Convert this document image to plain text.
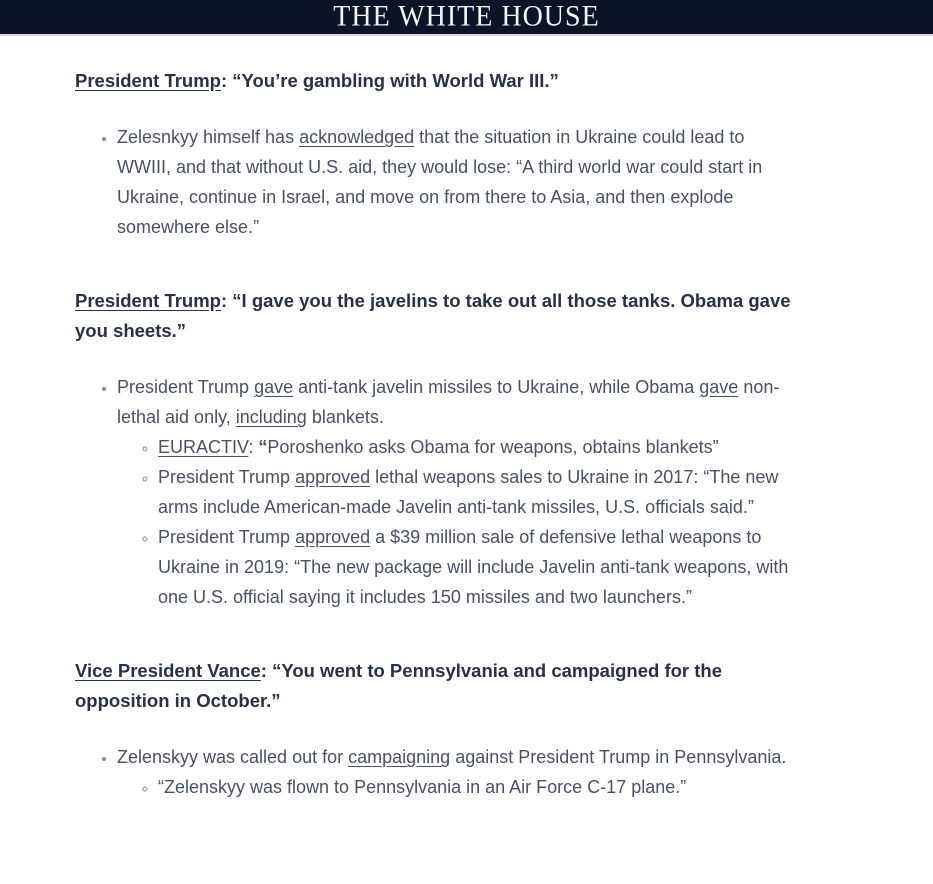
THE WHITE HOUSE
President Trump: “You’re gambling with World War III.”
• Zelesnkyy himself has acknowledged that the situation in Ukraine could lead to WWIII, and that without U.S. aid, they would lose: “A third world war could start in Ukraine, continue in Israel, and move on from there to Asia, and then explode somewhere else.”
President Trump: “I gave you the javelins to take out all those tanks. Obama gave you sheets.”
• President Trump gave anti-tank javelin missiles to Ukraine, while Obama gave non-lethal aid only, including blankets.
◦ EURACTIV: “Poroshenko asks Obama for weapons, obtains blankets”
◦ President Trump approved lethal weapons sales to Ukraine in 2017: “The new arms include American-made Javelin anti-tank missiles, U.S. officials said.”
◦ President Trump approved a $39 million sale of defensive lethal weapons to Ukraine in 2019: “The new package will include Javelin anti-tank weapons, with one U.S. official saying it includes 150 missiles and two launchers.”
Vice President Vance: “You went to Pennsylvania and campaigned for the opposition in October.”
• Zelenskyy was called out for campaigning against President Trump in Pennsylvania.
◦ “Zelenskyy was flown to Pennsylvania in an Air Force C-17 plane.”
